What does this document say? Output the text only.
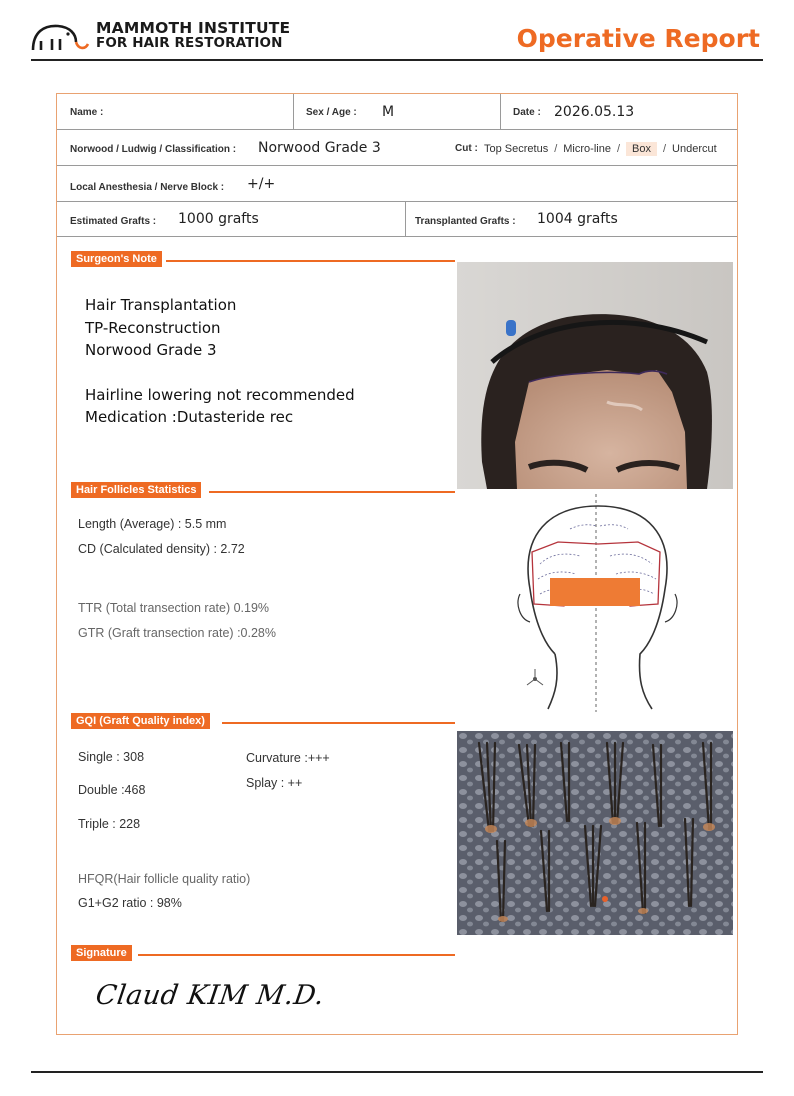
MAMMOTH INSTITUTE
FOR HAIR RESTORATION	Operative Report
Name :	Sex / Age : M	Date : 2026.05.13
Norwood / Ludwig / Classification : Norwood Grade 3	Cut : Top Secretus / Micro-line / Box / Undercut
Local Anesthesia / Nerve Block : +/+
Estimated Grafts : 1000 grafts	Transplanted Grafts : 1004 grafts
Surgeon's Note
Hair Transplantation
TP-Reconstruction
Norwood Grade 3
Hairline lowering not recommended
Medication :Dutasteride rec
Hair Follicles Statistics
Length (Average) : 5.5 mm
CD (Calculated density) : 2.72
TTR (Total transection rate) 0.19%
GTR (Graft transection rate) :0.28%
GQI (Graft Quality index)
Single : 308
Double :468
Triple : 228
Curvature :+++
Splay : ++
HFQR(Hair follicle quality ratio)
G1+G2 ratio : 98%
Signature
Claud KIM M.D.
